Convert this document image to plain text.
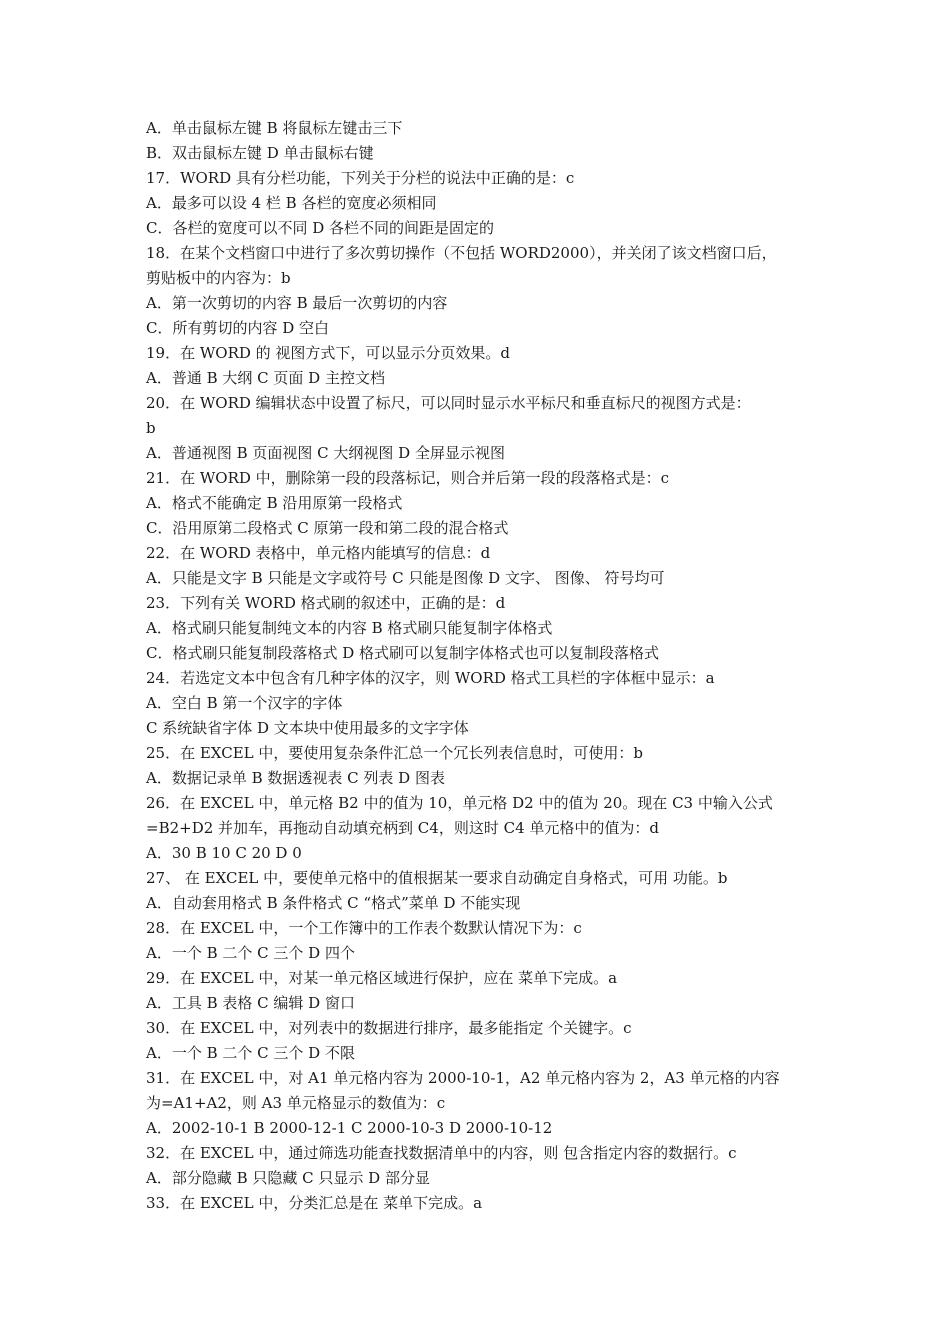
A．单击鼠标左键 B 将鼠标左键击三下
B．双击鼠标左键 D 单击鼠标右键
17．WORD 具有分栏功能，下列关于分栏的说法中正确的是：c
A．最多可以设 4 栏 B 各栏的宽度必须相同
C．各栏的宽度可以不同 D 各栏不同的间距是固定的
18．在某个文档窗口中进行了多次剪切操作（不包括 WORD2000），并关闭了该文档窗口后，
剪贴板中的内容为：b
A．第一次剪切的内容 B 最后一次剪切的内容
C．所有剪切的内容 D 空白
19．在 WORD 的 视图方式下，可以显示分页效果。d
A．普通 B 大纲 C 页面 D 主控文档
20．在 WORD 编辑状态中设置了标尺，可以同时显示水平标尺和垂直标尺的视图方式是：
b
A．普通视图 B 页面视图 C 大纲视图 D 全屏显示视图
21．在 WORD 中，删除第一段的段落标记，则合并后第一段的段落格式是：c
A．格式不能确定 B 沿用原第一段格式
C．沿用原第二段格式 C 原第一段和第二段的混合格式
22．在 WORD 表格中，单元格内能填写的信息：d
A．只能是文字 B 只能是文字或符号 C 只能是图像 D 文字、 图像、 符号均可
23．下列有关 WORD 格式刷的叙述中，正确的是：d
A．格式刷只能复制纯文本的内容 B 格式刷只能复制字体格式
C．格式刷只能复制段落格式 D 格式刷可以复制字体格式也可以复制段落格式
24．若选定文本中包含有几种字体的汉字，则 WORD 格式工具栏的字体框中显示：a
A．空白 B 第一个汉字的字体
C 系统缺省字体 D 文本块中使用最多的文字字体
25．在 EXCEL 中，要使用复杂条件汇总一个冗长列表信息时，可使用：b
A．数据记录单 B 数据透视表 C 列表 D 图表
26．在 EXCEL 中，单元格 B2 中的值为 10，单元格 D2 中的值为 20。现在 C3 中输入公式
=B2+D2 并加车，再拖动自动填充柄到 C4，则这时 C4 单元格中的值为：d
A．30 B 10 C 20 D 0
27、 在 EXCEL 中，要使单元格中的值根据某一要求自动确定自身格式，可用 功能。b
A．自动套用格式 B 条件格式 C “格式”菜单 D 不能实现
28．在 EXCEL 中，一个工作簿中的工作表个数默认情况下为：c
A．一个 B 二个 C 三个 D 四个
29．在 EXCEL 中，对某一单元格区域进行保护，应在 菜单下完成。a
A．工具 B 表格 C 编辑 D 窗口
30．在 EXCEL 中，对列表中的数据进行排序，最多能指定 个关键字。c
A．一个 B 二个 C 三个 D 不限
31．在 EXCEL 中，对 A1 单元格内容为 2000-10-1，A2 单元格内容为 2，A3 单元格的内容
为=A1+A2，则 A3 单元格显示的数值为：c
A．2002-10-1 B 2000-12-1 C 2000-10-3 D 2000-10-12
32．在 EXCEL 中，通过筛选功能查找数据清单中的内容，则 包含指定内容的数据行。c
A．部分隐藏 B 只隐藏 C 只显示 D 部分显
33．在 EXCEL 中，分类汇总是在 菜单下完成。a
